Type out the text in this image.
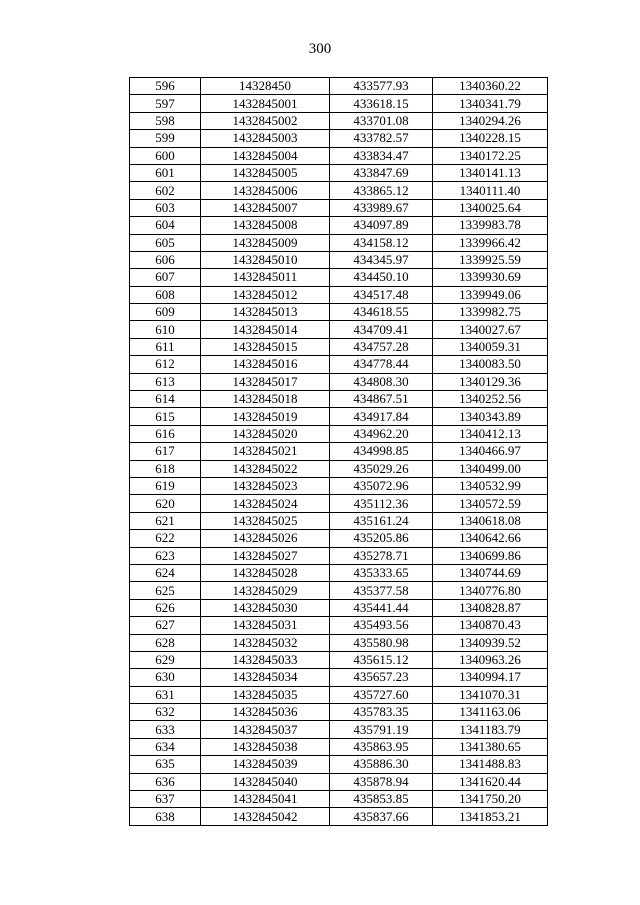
300
596	14328450	433577.93	1340360.22
597	1432845001	433618.15	1340341.79
598	1432845002	433701.08	1340294.26
599	1432845003	433782.57	1340228.15
600	1432845004	433834.47	1340172.25
601	1432845005	433847.69	1340141.13
602	1432845006	433865.12	1340111.40
603	1432845007	433989.67	1340025.64
604	1432845008	434097.89	1339983.78
605	1432845009	434158.12	1339966.42
606	1432845010	434345.97	1339925.59
607	1432845011	434450.10	1339930.69
608	1432845012	434517.48	1339949.06
609	1432845013	434618.55	1339982.75
610	1432845014	434709.41	1340027.67
611	1432845015	434757.28	1340059.31
612	1432845016	434778.44	1340083.50
613	1432845017	434808.30	1340129.36
614	1432845018	434867.51	1340252.56
615	1432845019	434917.84	1340343.89
616	1432845020	434962.20	1340412.13
617	1432845021	434998.85	1340466.97
618	1432845022	435029.26	1340499.00
619	1432845023	435072.96	1340532.99
620	1432845024	435112.36	1340572.59
621	1432845025	435161.24	1340618.08
622	1432845026	435205.86	1340642.66
623	1432845027	435278.71	1340699.86
624	1432845028	435333.65	1340744.69
625	1432845029	435377.58	1340776.80
626	1432845030	435441.44	1340828.87
627	1432845031	435493.56	1340870.43
628	1432845032	435580.98	1340939.52
629	1432845033	435615.12	1340963.26
630	1432845034	435657.23	1340994.17
631	1432845035	435727.60	1341070.31
632	1432845036	435783.35	1341163.06
633	1432845037	435791.19	1341183.79
634	1432845038	435863.95	1341380.65
635	1432845039	435886.30	1341488.83
636	1432845040	435878.94	1341620.44
637	1432845041	435853.85	1341750.20
638	1432845042	435837.66	1341853.21
